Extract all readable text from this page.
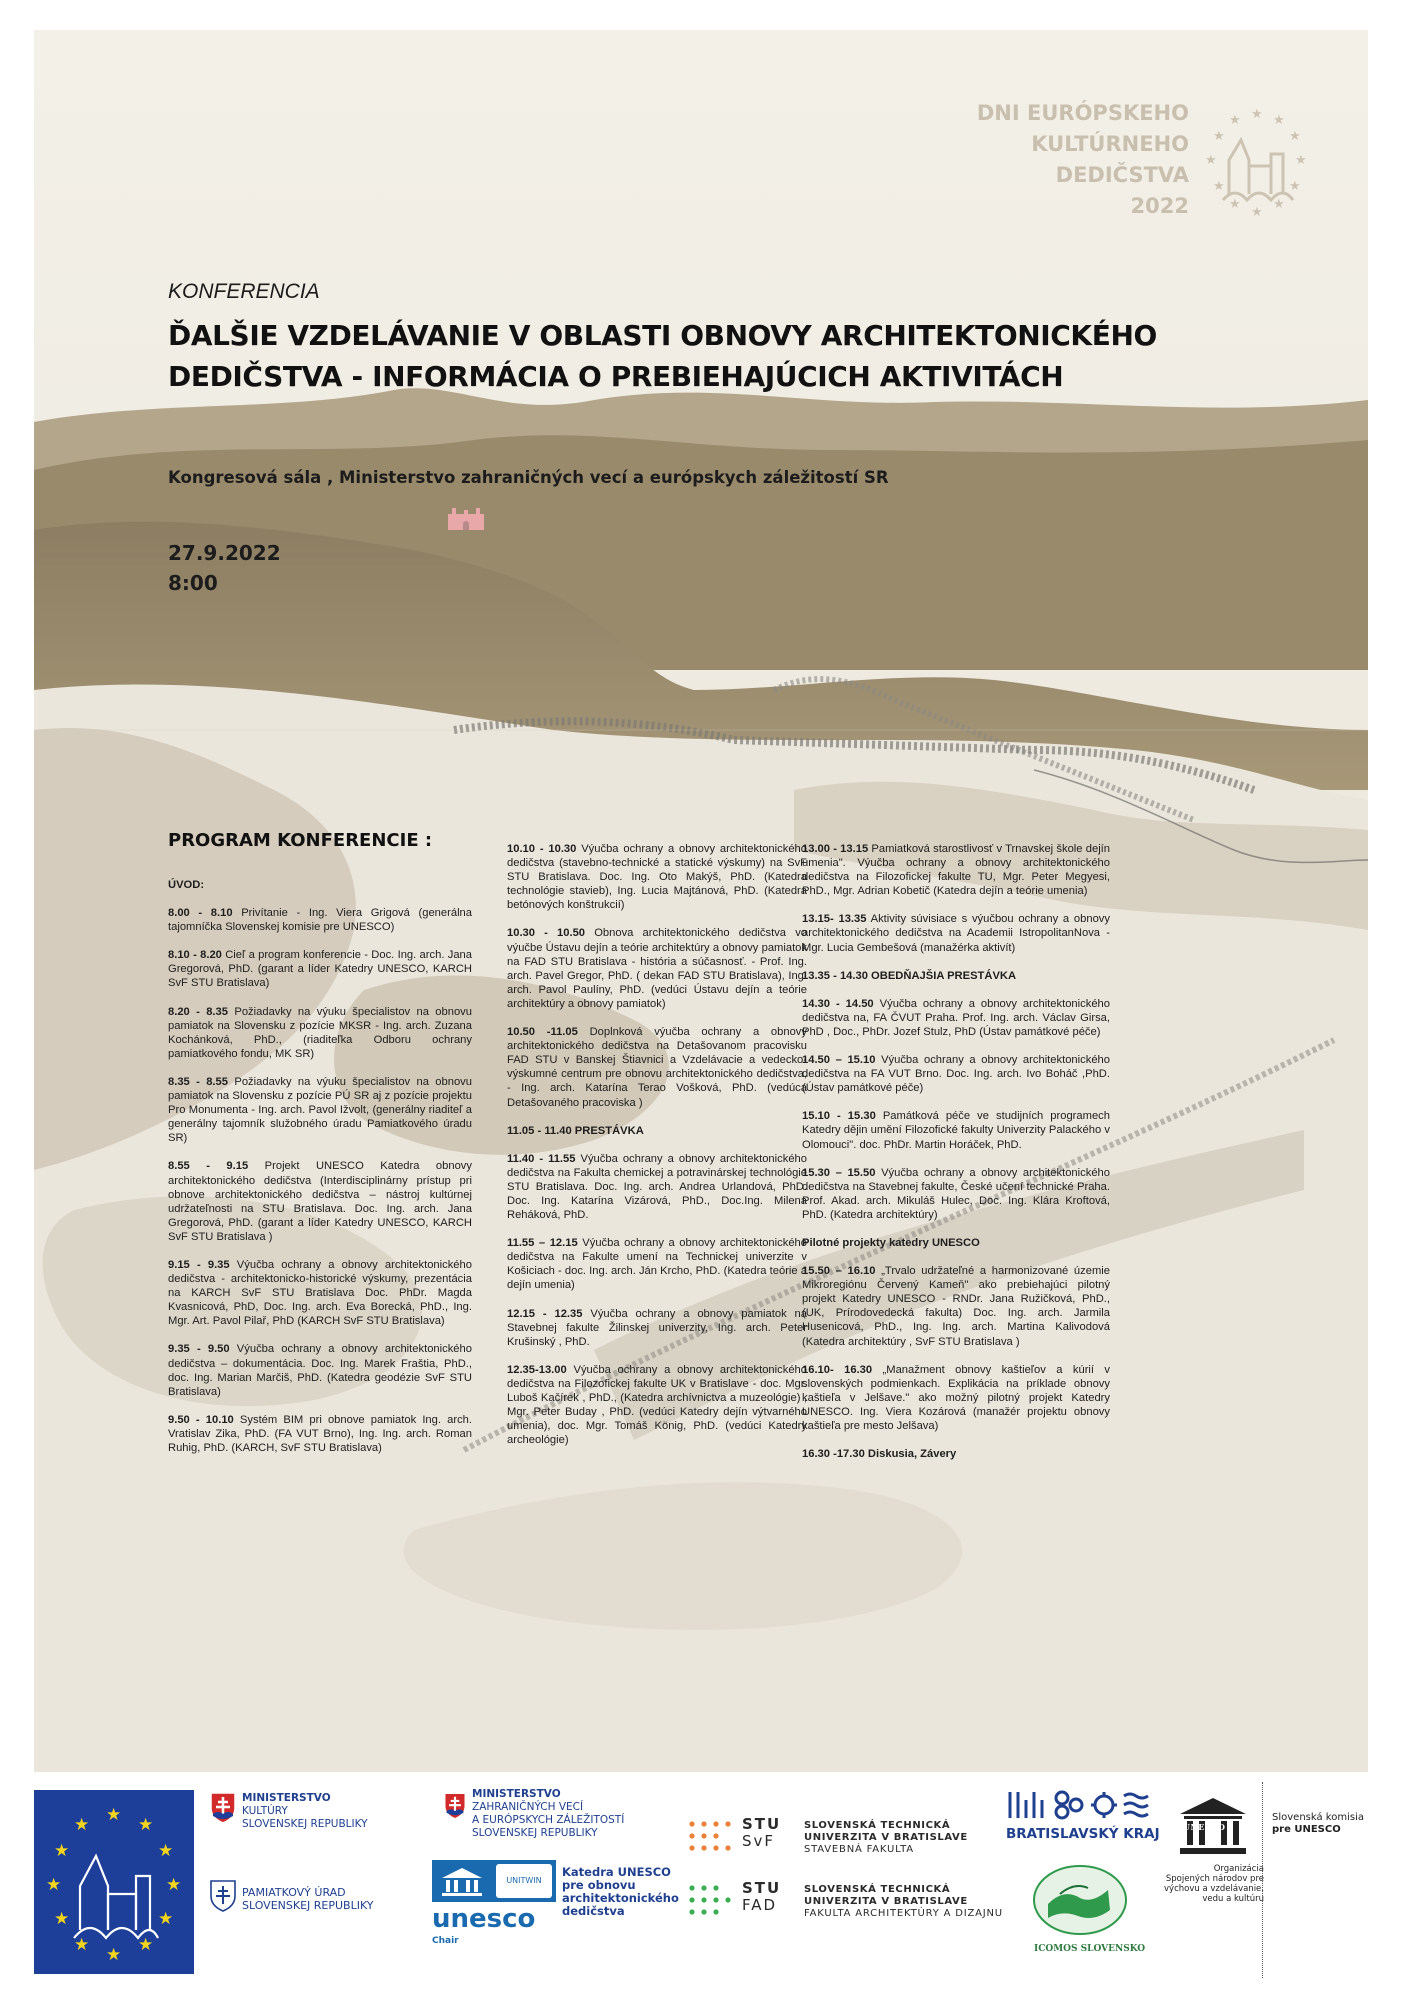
DNI EURÓPSKEHO
KULTÚRNEHO
DEDIČSTVA
2022
★ ★
★
★
★
★
★
★
★
★
★
★
KONFERENCIA
ĎALŠIE VZDELÁVANIE V OBLASTI OBNOVY ARCHITEKTONICKÉHO
DEDIČSTVA - INFORMÁCIA O PREBIEHAJÚCICH AKTIVITÁCH
Kongresová sála , Ministerstvo zahraničných vecí a európskych záležitostí SR
27.9.2022
8:00
PROGRAM KONFERENCIE :
ÚVOD:
8.00 - 8.10 Privítanie - Ing. Viera Grigová (generálna tajomníčka Slovenskej komisie pre UNESCO)
8.10 - 8.20 Cieľ a program konferencie - Doc. Ing. arch. Jana Gregorová, PhD. (garant a líder Katedry UNESCO, KARCH SvF STU Bratislava)
8.20 - 8.35 Požiadavky na výuku špecialistov na obnovu pamiatok na Slovensku z pozície MKSR - Ing. arch. Zuzana Kochánková, PhD., (riaditeľka Odboru ochrany pamiatkového fondu, MK SR)
8.35 - 8.55 Požiadavky na výuku špecialistov na obnovu pamiatok na Slovensku z pozície PÚ SR aj z pozície projektu Pro Monumenta - Ing. arch. Pavol Ižvolt, (generálny riaditeľ a generálny tajomník služobného úradu Pamiatkového úradu SR)
8.55 - 9.15 Projekt UNESCO Katedra obnovy architektonického dedičstva (Interdisciplinárny prístup pri obnove architektonického dedičstva – nástroj kultúrnej udržateľnosti na STU Bratislava. Doc. Ing. arch. Jana Gregorová, PhD. (garant a líder Katedry UNESCO, KARCH SvF STU Bratislava )
9.15 - 9.35 Výučba ochrany a obnovy architektonického dedičstva - architektonicko-historické výskumy, prezentácia na KARCH SvF STU Bratislava Doc. PhDr. Magda Kvasnicová, PhD, Doc. Ing. arch. Eva Borecká, PhD., Ing. Mgr. Art. Pavol Pilař, PhD (KARCH SvF STU Bratislava)
9.35 - 9.50 Výučba ochrany a obnovy architektonického dedičstva – dokumentácia. Doc. Ing. Marek Fraštia, PhD., doc. Ing. Marian Marčiš, PhD. (Katedra geodézie SvF STU Bratislava)
9.50 - 10.10 Systém BIM pri obnove pamiatok Ing. arch. Vratislav Zika, PhD. (FA VUT Brno), Ing. Ing. arch. Roman Ruhig, PhD. (KARCH, SvF STU Bratislava)
10.10 - 10.30 Výučba ochrany a obnovy architektonického dedičstva (stavebno-technické a statické výskumy) na SvF STU Bratislava. Doc. Ing. Oto Makýš, PhD. (Katedra technológie stavieb), Ing. Lucia Majtánová, PhD. (Katedra betónových konštrukcií)
10.30 - 10.50 Obnova architektonického dedičstva vo výučbe Ústavu dejín a teórie architektúry a obnovy pamiatok na FAD STU Bratislava - história a súčasnosť. - Prof. Ing. arch. Pavel Gregor, PhD. ( dekan FAD STU Bratislava), Ing. arch. Pavol Paulíny, PhD. (vedúci Ústavu dejín a teórie architektúry a obnovy pamiatok)
10.50 -11.05 Doplnková výučba ochrany a obnovy architektonického dedičstva na Detašovanom pracovisku FAD STU v Banskej Štiavnici a Vzdelávacie a vedecko-výskumné centrum pre obnovu architektonického dedičstva, - Ing. arch. Katarína Terao Vošková, PhD. (vedúca Detašovaného pracoviska )
11.05 - 11.40 PRESTÁVKA
11.40 - 11.55 Výučba ochrany a obnovy architektonického dedičstva na Fakulta chemickej a potravinárskej technológie STU Bratislava. Doc. Ing. arch. Andrea Urlandová, PhD. Doc. Ing. Katarína Vizárová, PhD., Doc.Ing. Milena Reháková, PhD.
11.55 – 12.15 Výučba ochrany a obnovy architektonického dedičstva na Fakulte umení na Technickej univerzite v Košiciach - doc. Ing. arch. Ján Krcho, PhD. (Katedra teórie a dejín umenia)
12.15 - 12.35 Výučba ochrany a obnovy pamiatok na Stavebnej fakulte Žilinskej univerzity, Ing. arch. Peter Krušinský , PhD.
12.35-13.00 Výučba ochrany a obnovy architektonického dedičstva na Filozofickej fakulte UK v Bratislave - doc. Mgr. Luboš Kačírek , PhD., (Katedra archívnictva a muzeológie) , Mgr. Peter Buday , PhD. (vedúci Katedry dejín výtvarného umenia), doc. Mgr. Tomáš König, PhD. (vedúci Katedry archeológie)
13.00 - 13.15 Pamiatková starostlivosť v Trnavskej škole dejín umenia". Výučba ochrany a obnovy architektonického dedičstva na Filozofickej fakulte TU, Mgr. Peter Megyesi, PhD., Mgr. Adrian Kobetič (Katedra dejín a teórie umenia)
13.15- 13.35 Aktivity súvisiace s výučbou ochrany a obnovy architektonického dedičstva na Academii IstropolitanNova - Mgr. Lucia Gembešová (manažérka aktivít)
13.35 - 14.30 OBEDŇAJŠIA PRESTÁVKA
14.30 - 14.50 Výučba ochrany a obnovy architektonického dedičstva na, FA ČVUT Praha. Prof. Ing. arch. Václav Girsa, PhD , Doc., PhDr. Jozef Stulz, PhD (Ústav památkové péče)
14.50 – 15.10 Výučba ochrany a obnovy architektonického dedičstva na FA VUT Brno. Doc. Ing. arch. Ivo Boháč ,PhD. (Ústav památkové péče)
15.10 - 15.30 Památková péče ve studijních programech Katedry dějin umění Filozofické fakulty Univerzity Palackého v Olomouci". doc. PhDr. Martin Horáček, PhD.
15.30 – 15.50 Výučba ochrany a obnovy architektonického dedičstva na Stavebnej fakulte, České učení technické Praha. Prof. Akad. arch. Mikuláš Hulec, Doc. Ing. Klára Kroftová, PhD. (Katedra architektúry)
Pilotné projekty katedry UNESCO
15.50 – 16.10 „Trvalo udržateľné a harmonizované územie Mikroregiónu Červený Kameň" ako prebiehajúci pilotný projekt Katedry UNESCO - RNDr. Jana Ružičková, PhD., (UK, Prírodovedecká fakulta) Doc. Ing. arch. Jarmila Husenicová, PhD., Ing. Ing. arch. Martina Kalivodová (Katedra architektúry , SvF STU Bratislava )
16.10- 16.30 „Manažment obnovy kaštieľov a kúrií v slovenských podmienkach. Explikácia na príklade obnovy kaštieľa v Jelšave." ako možný pilotný projekt Katedry UNESCO. Ing. Viera Kozárová (manažér projektu obnovy kaštieľa pre mesto Jelšava)
16.30 -17.30 Diskusia, Závery
★ ★
★
★
★
★
★
★
★
★
★
★
MINISTERSTVO
KULTÚRY
SLOVENSKEJ REPUBLIKY
PAMIATKOVÝ ÚRAD
SLOVENSKEJ REPUBLIKY
MINISTERSTVO
ZAHRANIČNÝCH VECÍ
A EURÓPSKYCH ZÁLEŽITOSTÍ
SLOVENSKEJ REPUBLIKY
UNITWIN
unesco
Chair
Katedra UNESCO
pre obnovu
architektonického
dedičstva
STU
SvF
SLOVENSKÁ TECHNICKÁ
UNIVERZITA V BRATISLAVE
STAVEBNÁ FAKULTA
STU
FAD
SLOVENSKÁ TECHNICKÁ
UNIVERZITA V BRATISLAVE
FAKULTA ARCHITEKTÚRY A DIZAJNU
BRATISLAVSKÝ KRAJ
ICOMOS SLOVENSKO
UNESCO
Organizácia
Spojených národov pre
výchovu a vzdelávanie,
vedu a kultúru
Slovenská komisia
pre UNESCO
